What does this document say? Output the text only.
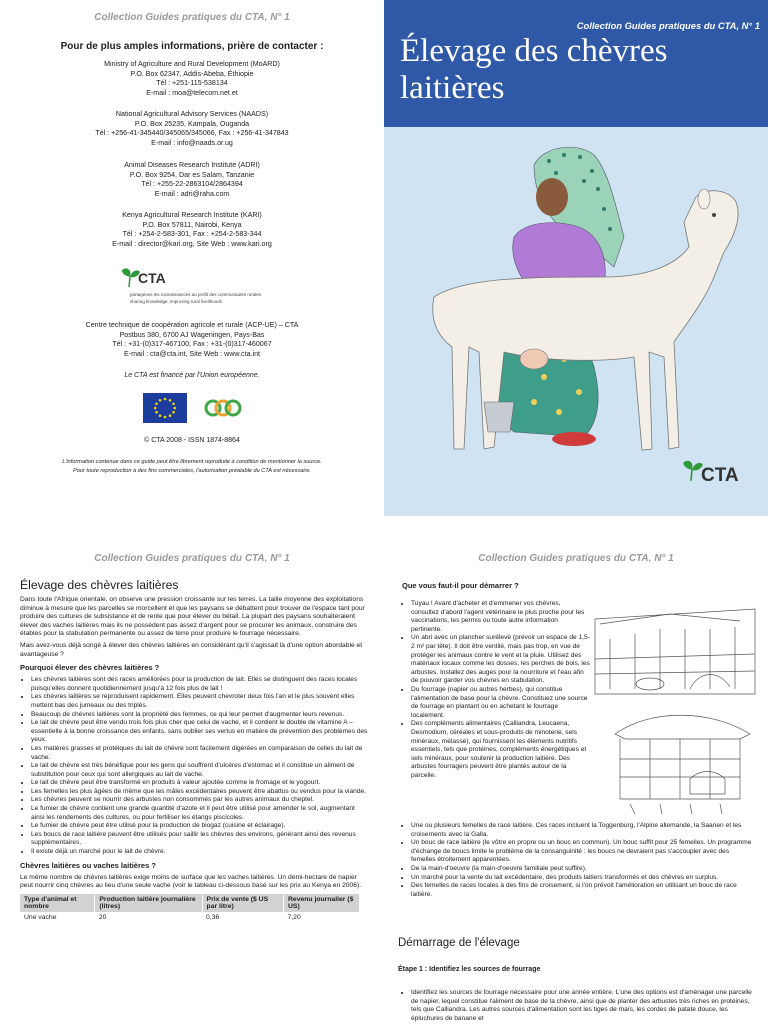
Collection Guides pratiques du CTA, N° 1
Pour de plus amples informations, prière de contacter :
Ministry of Agriculture and Rural Development (MoARD)
P.O. Box 62347, Addis-Abeba, Éthiopie
Tél : +251-115-538134
E-mail : moa@telecom.net.et
National Agricultural Advisory Services (NAADS)
P.O. Box 25235, Kampala, Ouganda
Tél : +256-41-345440/345065/345066, Fax : +256-41-347843
E-mail : info@naads.or.ug
Animal Diseases Research Institute (ADRI)
P.O. Box 9254, Dar es Salam, Tanzanie
Tél : +255-22-2863104/2864394
E-mail : adri@raha.com
Kenya Agricultural Research Institute (KARI)
P.O. Box 57811, Nairobi, Kenya
Tél : +254-2-583-301, Fax : +254-2-583-344
E-mail : director@kari.org, Site Web : www.kari.org
CTA
partageons les connaissances au profit des communautés rurales
sharing knowledge, improving rural livelihoods
Centre technique de coopération agricole et rurale (ACP-UE) – CTA
Postbus 380, 6700 AJ Wageningen, Pays-Bas
Tél : +31-(0)317-467100, Fax : +31-(0)317-460067
E-mail : cta@cta.int, Site Web : www.cta.int
Le CTA est financé par l'Union européenne.
© CTA 2008 - ISSN 1874-8864
L'information contenue dans ce guide peut être librement reproduite à condition de mentionner la source.
Pour toute reproduction à des fins commerciales, l'autorisation préalable du CTA est nécessaire.
Collection Guides pratiques du CTA, N° 1
Élevage des chèvres
laitières
CTA
Collection Guides pratiques du CTA, N° 1
Élevage des chèvres laitières

Dans toute l'Afrique orientale, on observe une pression croissante sur les terres. La taille moyenne des exploitations diminue à mesure que les parcelles se morcellent et que les paysans se débattent pour trouver de l'espace tant pour produire des cultures de subsistance et de rente que pour élever du bétail. La plupart des paysans souhaiteraient élever des vaches laitières mais ils ne possèdent pas assez d'argent pour se procurer les animaux, construire des étables pour la stabulation permanente ou assez de terre pour produire le fourrage nécessaire.

Mais avez-vous déjà songé à élever des chèvres laitières en considérant qu'il s'agissait là d'une option abordable et avantageuse ?

Pourquoi élever des chèvres laitières ?
• Les chèvres laitières sont des races améliorées pour la production de lait. Elles se distinguent des races locales puisqu'elles donnent quotidiennement jusqu'à 12 fois plus de lait !
• Les chèvres laitières se reproduisent rapidement. Elles peuvent chevroter deux fois l'an et le plus souvent elles mettent bas des jumeaux ou des triplés.
• Beaucoup de chèvres laitières sont la propriété des femmes, ce qui leur permet d'augmenter leurs revenus.
• Le lait de chèvre peut être vendu trois fois plus cher que celui de vache, et il contient le double de vitamine A – essentielle à la bonne croissance des enfants, sans oublier ses vertus en matière de prévention des problèmes des yeux.
• Les matières grasses et protéiques du lait de chèvre sont facilement digérées en comparaison de celles du lait de vache.
• Le lait de chèvre est très bénéfique pour les gens qui souffrent d'ulcères d'estomac et il constitue un aliment de substitution pour ceux qui sont allergiques au lait de vache.
• Le lait de chèvre peut être transformé en produits à valeur ajoutée comme le fromage et le yogourt.
• Les femelles les plus âgées de même que les mâles excédentaires peuvent être abattus ou vendus pour la viande.
• Les chèvres peuvent se nourrir des arbustes non consommés par les autres animaux du cheptel.
• Le fumier de chèvre contient une grande quantité d'azote et il peut être utilisé pour amender le sol, augmentant ainsi les rendements des cultures, ou pour fertiliser les étangs piscicoles.
• Le fumier de chèvre peut être utilisé pour la production de biogaz (cuisine et éclairage).
• Les boucs de race laitière peuvent être utilisés pour saillir les chèvres des environs, générant ainsi des revenus supplémentaires.
• Il existe déjà un marché pour le lait de chèvre.
Chèvres laitières ou vaches laitières ?

Le même nombre de chèvres laitières exige moins de surface que les vaches laitières. Un demi-hectare de napier peut nourrir cinq chèvres au lieu d'une seule vache (voir le tableau ci-dessous basé sur les prix au Kenya en 2006).

Type d'animal et nombre	Production laitière journalière (litres)	Prix de vente ($ US par litre)	Revenu journalier ($ US)
Une vache	20	0,36	7,20
Collection Guides pratiques du CTA, N° 1
Que vous faut-il pour démarrer ?
• Tuyau ! Avant d'acheter et d'emmener vos chèvres, consultez d'abord l'agent vétérinaire le plus proche pour les vaccinations, les permis ou toute autre information pertinente.
• Un abri avec un plancher surélevé (prévoir un espace de 1,5-2 m² par tête). Il doit être ventilé, mais pas trop, en vue de protéger les animaux contre le vent et la pluie. Utilisez des matériaux locaux comme les dosses, les perches de bois, les arbustes. Installez des auges pour la nourriture et l'eau afin de pouvoir garder vos chèvres en stabulation.
• Du fourrage (napier ou autres herbes), qui constitue l'alimentation de base pour la chèvre. Constituez une source de fourrage en plantant ou en achetant le fourrage localement.
• Des compléments alimentaires (Calliandra, Leucaena, Desmodium, céréales et sous-produits de minoterie, sels minéraux, mélasse), qui fournissent les éléments nutritifs essentiels, tels que protéines, compléments énergétiques et sels minéraux, pour soutenir la production laitière. Des arbustes fourragers peuvent être plantés autour de la parcelle.
• Une ou plusieurs femelles de race laitière. Ces races incluent la Toggenburg, l'Alpine allemande, la Saanen et les croisements avec la Galla.
• Un bouc de race laitière (le vôtre en propre ou un bouc en commun). Un bouc suffit pour 25 femelles. Un programme d'échange de boucs limite le problème de la consanguinité : les boucs ne devraient pas s'accoupler avec des femelles étroitement apparentées.
• De la main-d'oeuvre (la main-d'oeuvre familiale peut suffire).
• Un marché pour la vente du lait excédentaire, des produits laitiers transformés et des chèvres en surplus.
• Des femelles de races locales à des fins de croisement, si l'on prévoit l'amélioration en utilisant un bouc de race laitière.
Démarrage de l'élevage
Étape 1 : Identifiez les sources de fourrage
• Identifiez les sources de fourrage nécessaire pour une année entière. L'une des options est d'aménager une parcelle de napier, lequel constitue l'aliment de base de la chèvre, ainsi que de planter des arbustes très riches en protéines, tels que Calliandra. Les autres sources d'alimentation sont les tiges de maïs, les cordes de patate douce, les épluchures de banane et
